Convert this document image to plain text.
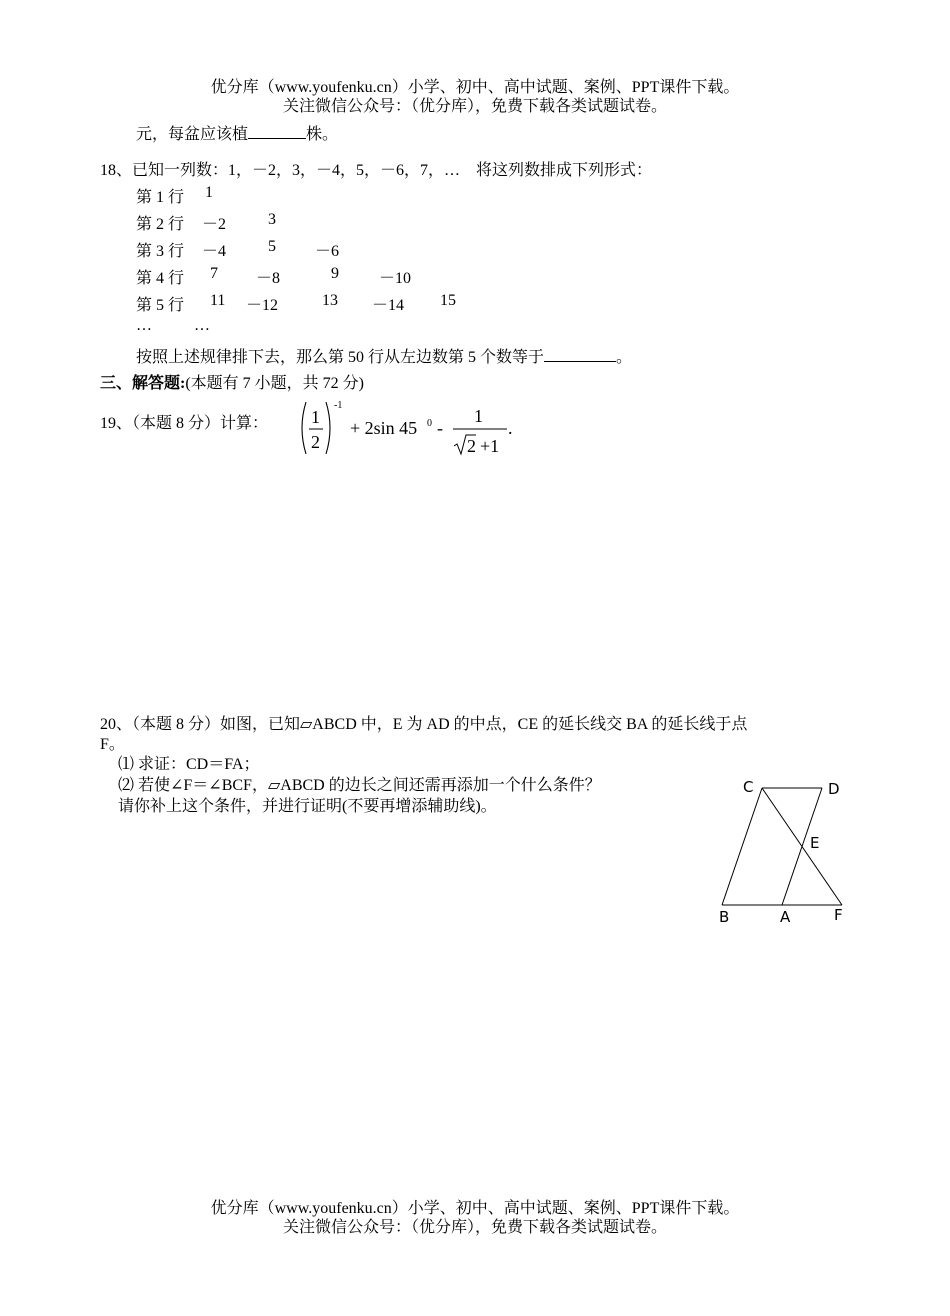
优分库（www.youfenku.cn）小学、初中、高中试题、案例、PPT课件下载。
关注微信公众号：（优分库），免费下载各类试题试卷。
元，每盆应该植	株。
18、已知一列数：1，－2，3，－4，5，－6，7，…　将这列数排成下列形式：
第 1 行 1
第 2 行 －2	3
第 3 行 －4	5 －6
第 4 行 7 －8	9	－10
第 5 行 11 －12	13 －14 15
…	…
按照上述规律排下去，那么第 50 行从左边数第 5 个数等于	。
三、解答题:(本题有 7 小题，共 72 分)
19、（本题 8 分）计算： 1
2
-1
+ 2sin 45 0 -
1
2 +1
.
20、（本题 8 分）如图，已知▱ABCD 中，E 为 AD 的中点，CE 的延长线交 BA 的延长线于点
F。
⑴ 求证：CD＝FA；
⑵ 若使∠F＝∠BCF，▱ABCD 的边长之间还需再添加一个什么条件？
请你补上这个条件，并进行证明(不要再增添辅助线)。
C	D
E
B	A	F
优分库（www.youfenku.cn）小学、初中、高中试题、案例、PPT课件下载。
关注微信公众号：（优分库），免费下载各类试题试卷。
